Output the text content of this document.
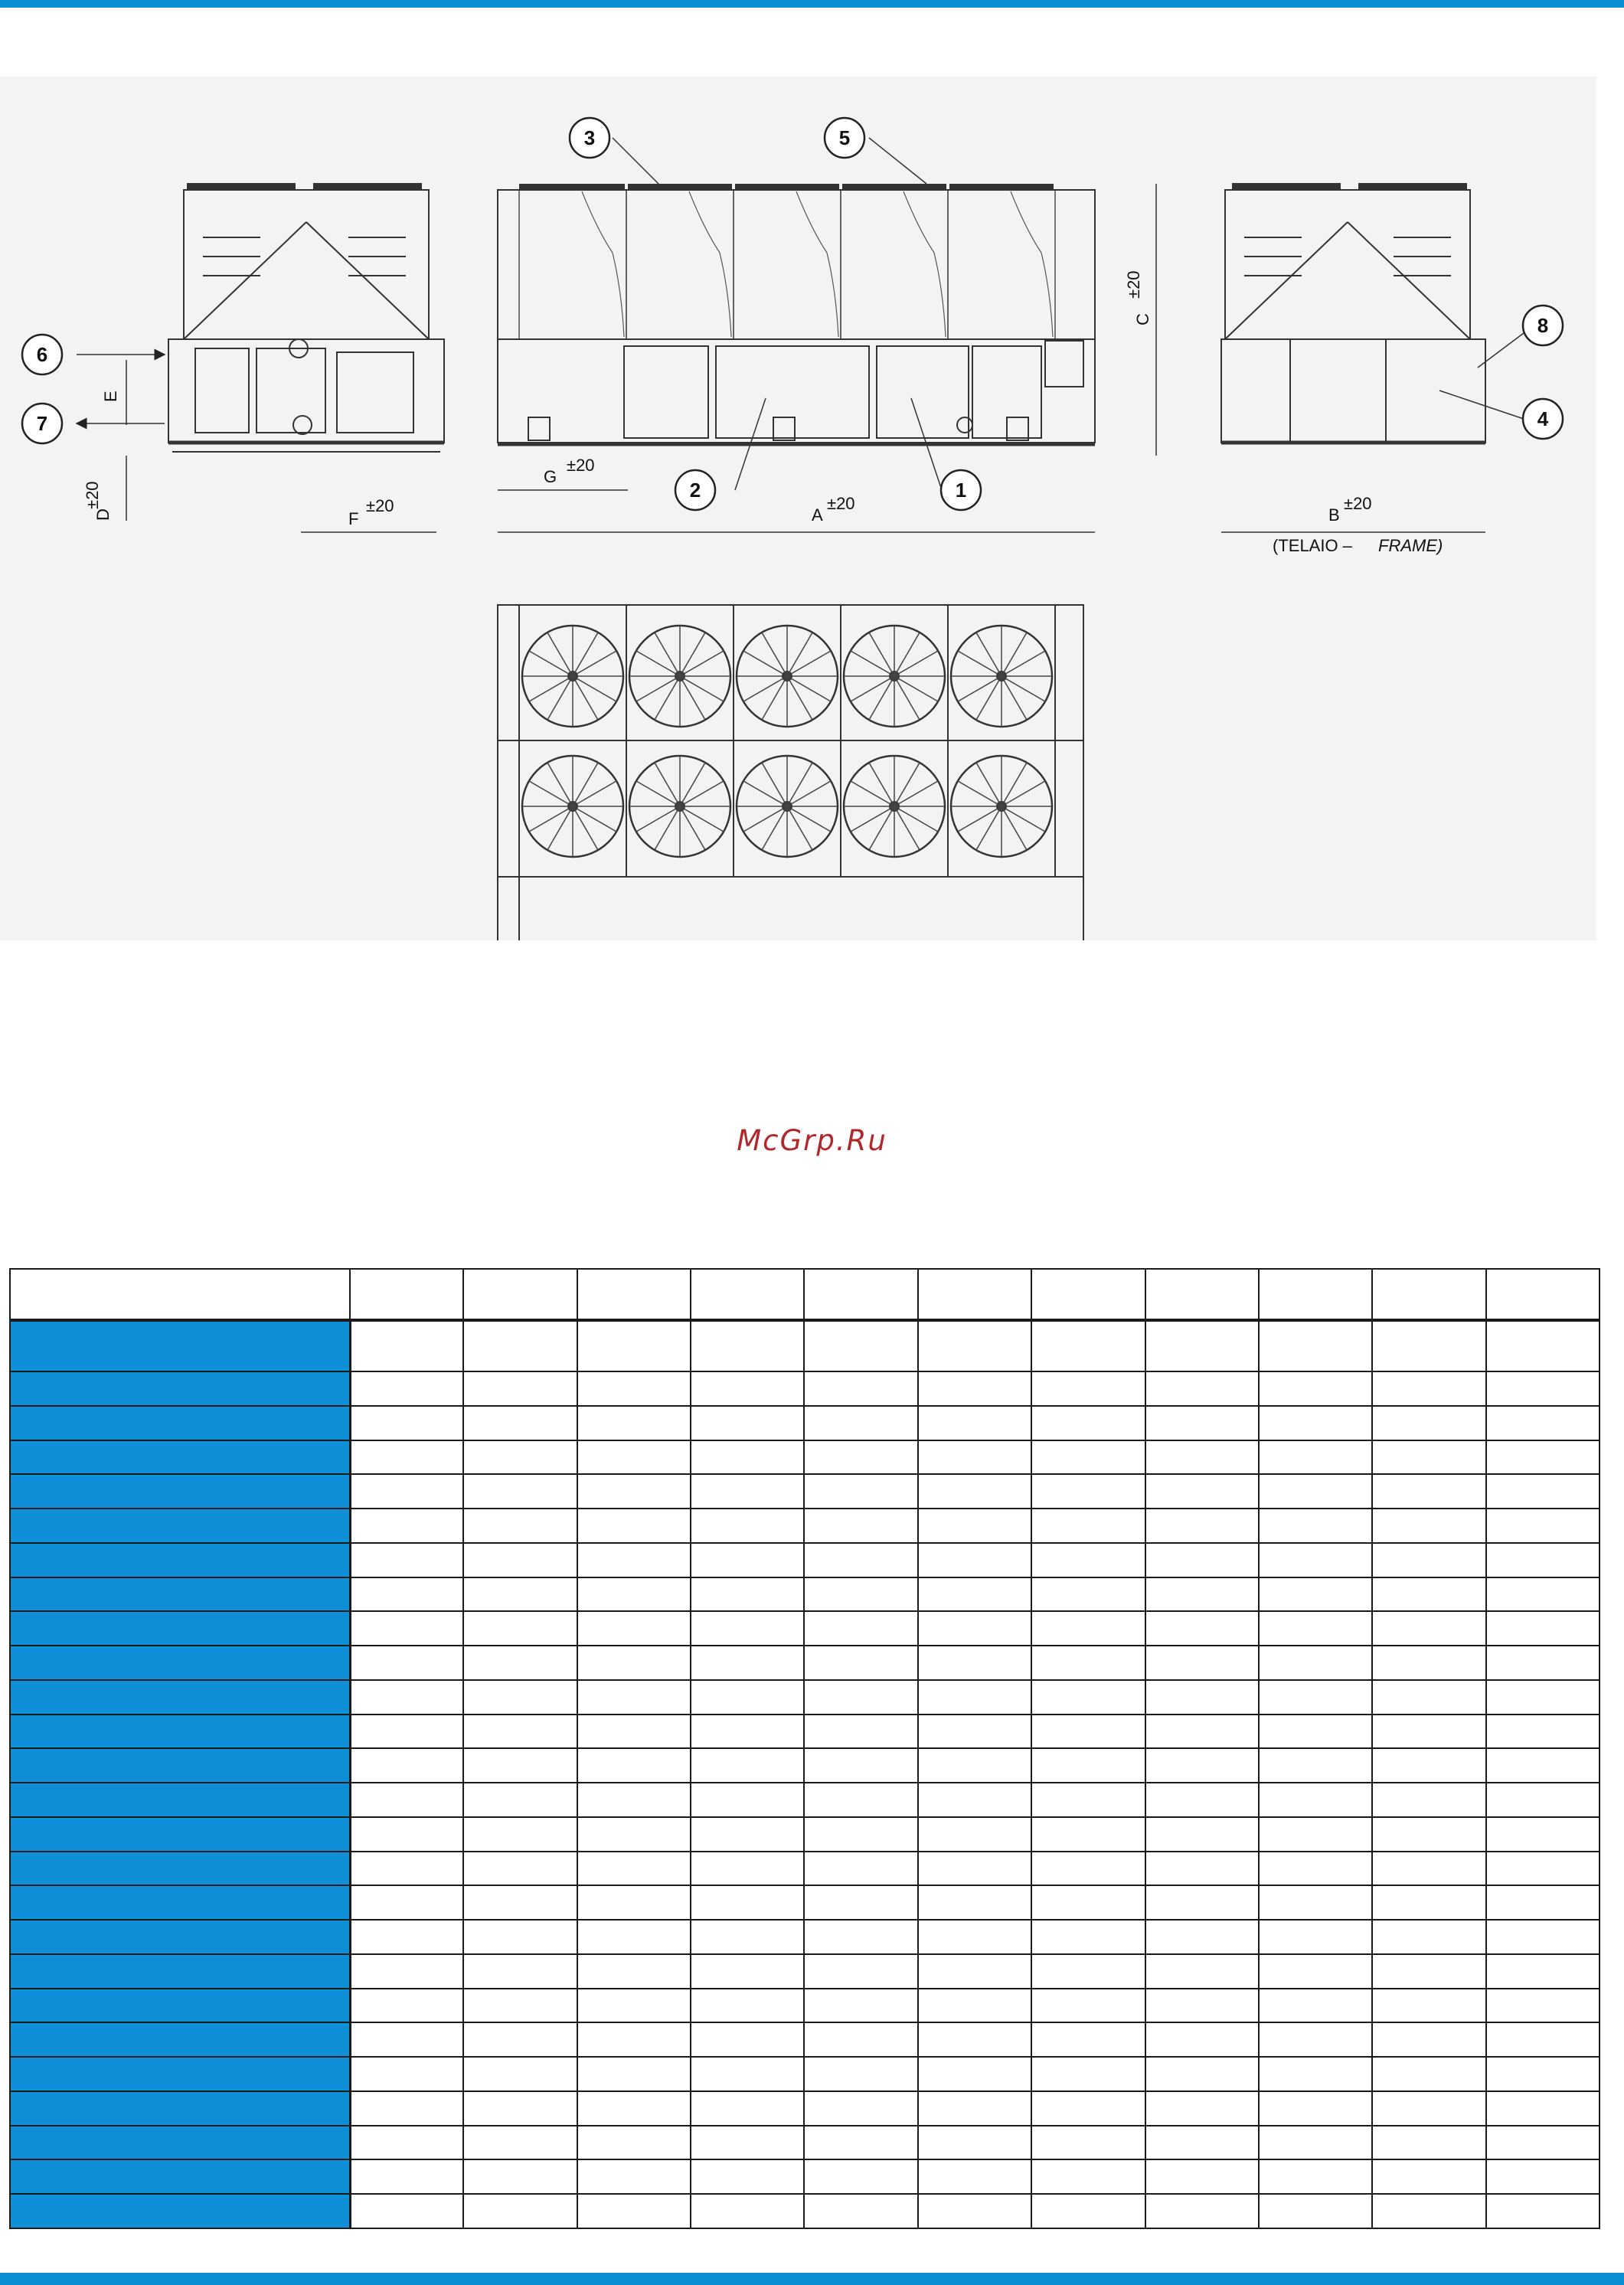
1
2
3
4
5
6
7
8
A
±20
B
±20
F
±20
G
±20
C
±20
E
D
±20
(TELAIO – FRAME)
McGrp.Ru
